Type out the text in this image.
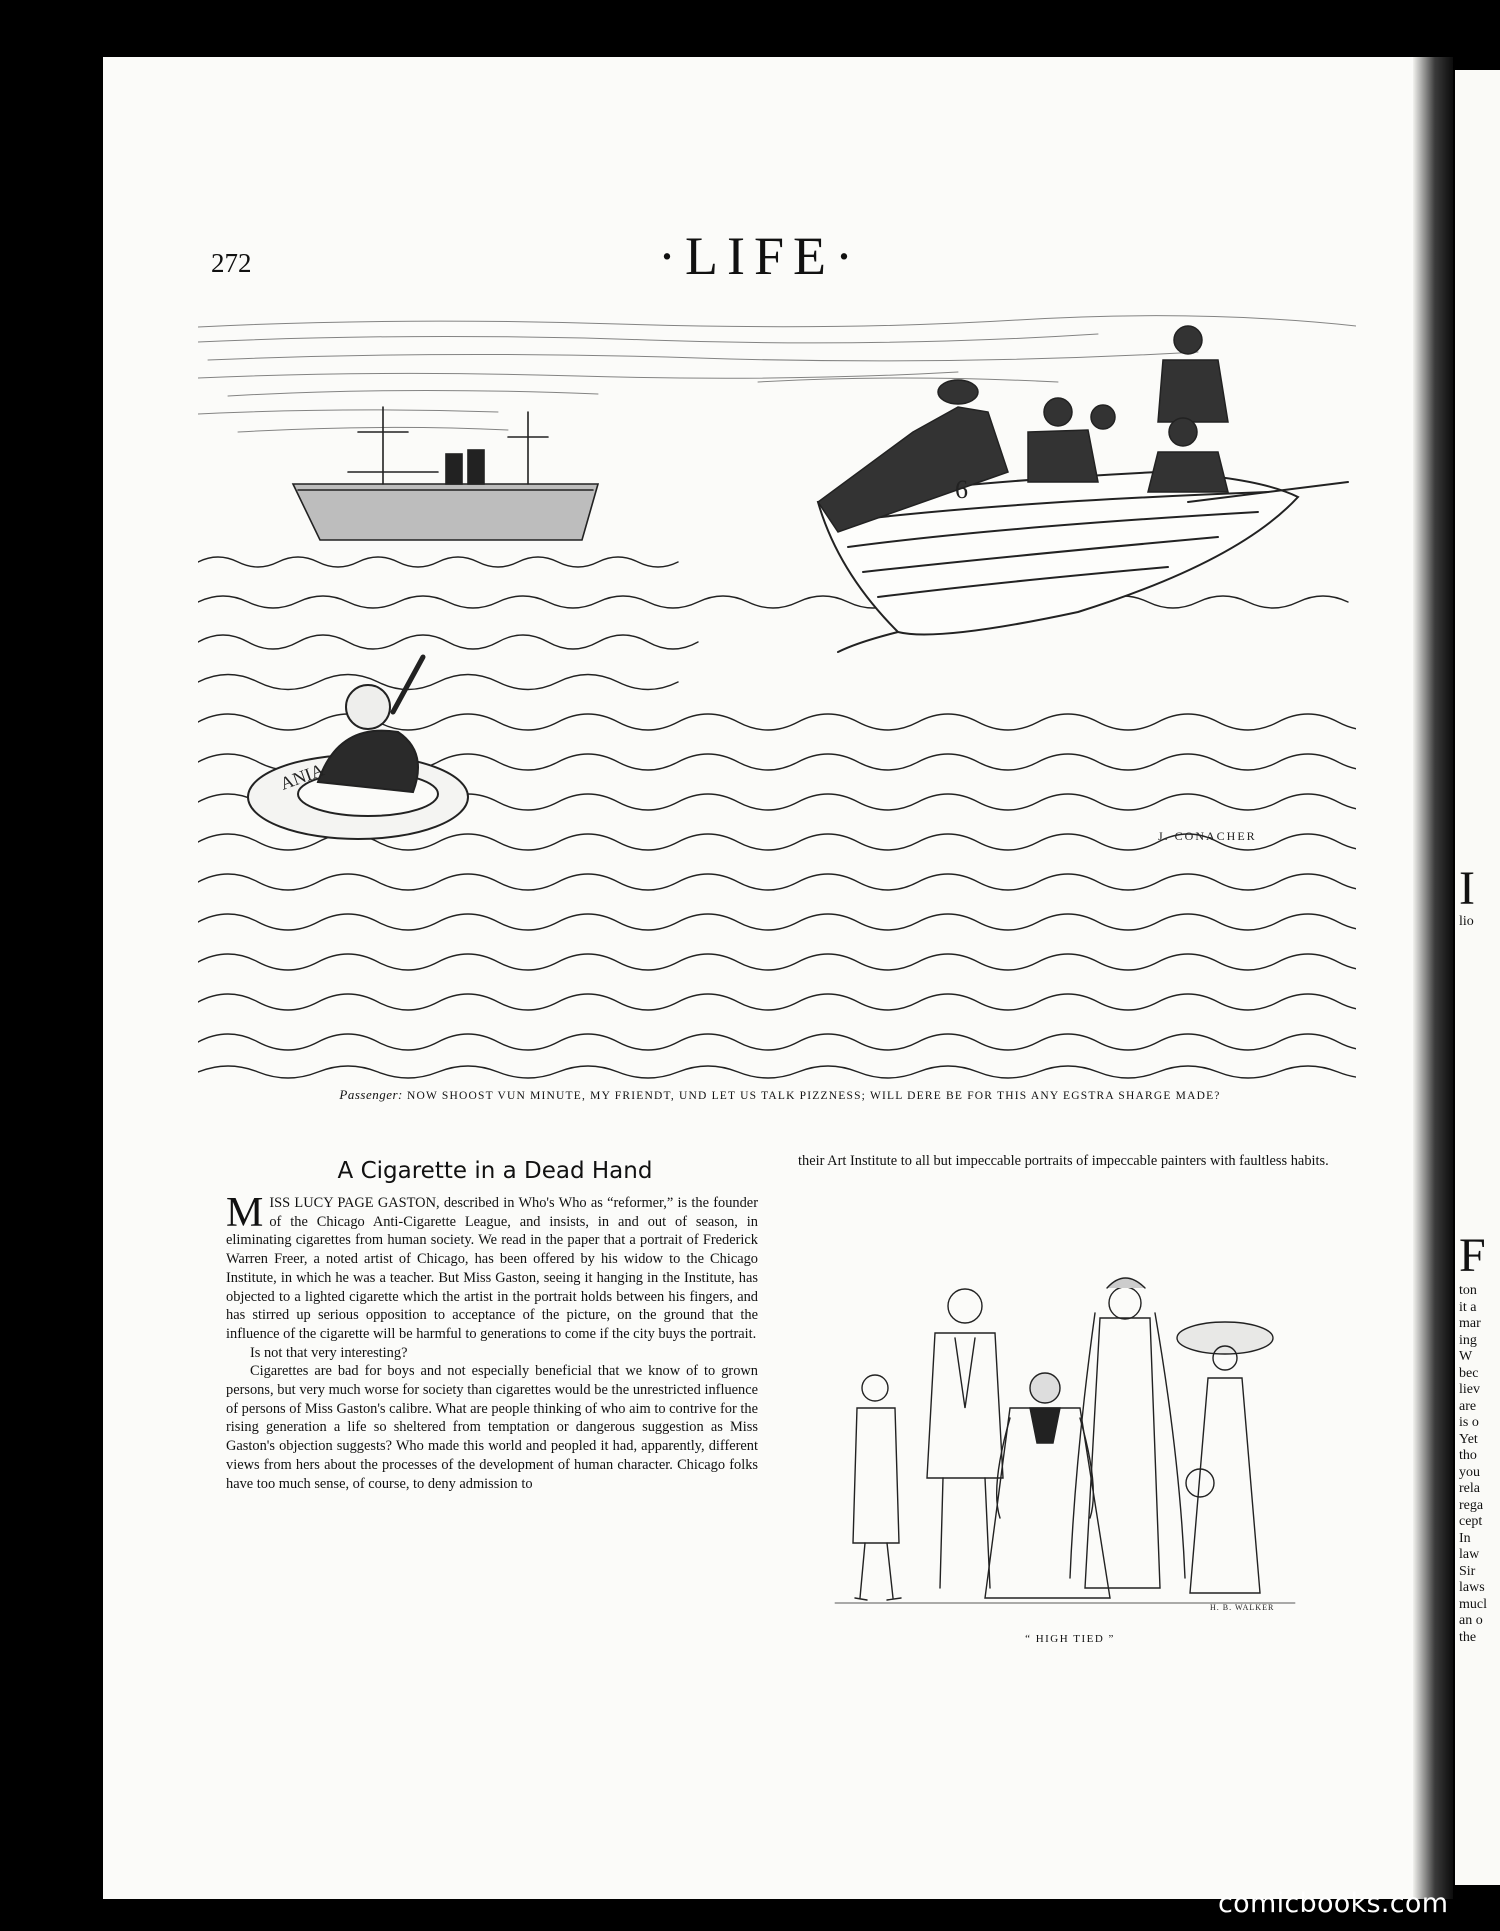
I
lio
F
ton
it a
mar
ing
W
bec
liev
are
is o
Yet
tho
you
rela
rega
cept
In
law
Sir
laws
mucl
an o
the
272	·LIFE·
6
ANIA
J. CONACHER
Passenger: NOW SHOOST VUN MINUTE, MY FRIENDT, UND LET US TALK PIZZNESS; WILL DERE BE FOR THIS ANY EGSTRA SHARGE MADE?
A Cigarette in a Dead Hand

MISS LUCY PAGE GASTON, described in Who's Who as “reformer,” is the founder of the Chicago Anti-Cigarette League, and insists, in and out of season, in eliminating cigarettes from human society. We read in the paper that a portrait of Frederick Warren Freer, a noted artist of Chicago, has been offered by his widow to the Chicago Institute, in which he was a teacher. But Miss Gaston, seeing it hanging in the Institute, has objected to a lighted cigarette which the artist in the portrait holds between his fingers, and has stirred up serious opposition to acceptance of the picture, on the ground that the influence of the cigarette will be harmful to generations to come if the city buys the portrait.

Is not that very interesting?

Cigarettes are bad for boys and not especially beneficial that we know of to grown persons, but very much worse for society than cigarettes would be the unrestricted influence of persons of Miss Gaston's calibre. What are people thinking of who aim to contrive for the rising generation a life so sheltered from temptation or dangerous suggestion as Miss Gaston's objection suggests? Who made this world and peopled it had, apparently, different views from hers about the processes of the development of human character. Chicago folks have too much sense, of course, to deny admission to

their Art Institute to all but impeccable portraits of impeccable painters with faultless habits.
H. B. WALKER
“ HIGH TIED ”
comicbooks.com
